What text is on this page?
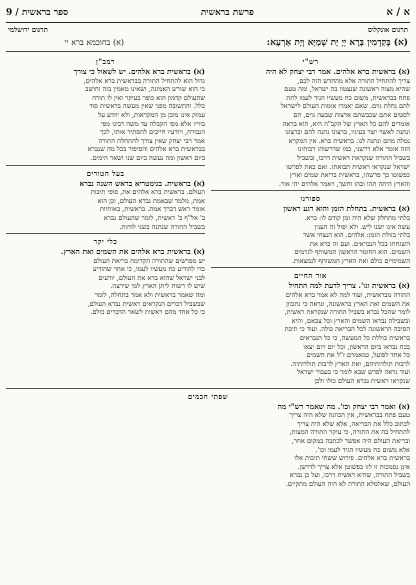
א / א
פרשת בראשית
ספר בראשית / 9
תרגום אונקלוס
תרגום ירושלמי
(א) בְּקַדְמִין בְּרָא יְיָ יָת שְׁמַיָּא וְיָת אַרְעָא:
(א) בחוכמא ברא יי
רש"י
(א) בראשית ברא אלהים. אמר רבי יצחק לא היה
צריך להתחיל התורה אלא מהחדש הזה לכם,
שהיא מצוה ראשונה שנצטוו בה ישראל, ומה טעם
פתח בבראשית, משום כח מעשיו הגיד לעמו לתת
להם נחלת גוים. שאם יאמרו אומות העולם לישראל
לסטים אתם שכבשתם ארצות שבעה גוים, הם
אומרים להם כל הארץ של הקב"ה היא, הוא בראה
ונתנה לאשר ישר בעיניו, ברצונו נתנה להם וברצונו
נטלה מהם ונתנה לנו. בראשית ברא. אין המקרא
הזה אומר אלא דרשני, כמו שדרשוהו רבותינו
בשביל התורה שנקראת ראשית דרכו, ובשביל
ישראל שנקראו ראשית תבואתו. ואם באת לפרשו
כפשוטו כך פרשהו, בראשית בריאת שמים וארץ
והארץ היתה תהו ובהו וחשך, ויאמר אלהים יהי אור.
ספורנו
(א) בראשית. בתחלת הזמן והוא רגע ראשון
בלתי מתחלק שלא היה זמן קודם לו: ברא.
עשה אינו ישנו ליש. ולא יפול זה הענין
בלתי בזולת הזמן: אלהים. הוא הנצחי אשר
השגחתו בכל הנבראים. ועם זה ברא את
השמים. הוא החומר הראשון המשותף לגרמים
השמימיים כולם ואת הארץ המשותף לנמצאות.
אור החיים
(א) בראשית וגו'. צריך לדעת למה התחיל
התורה מבראשית, ועוד למה לא אמר ברא אלהים
את השמים ואת הארץ בראשונה, ונראה כי נתכוון
לומר שהכל נברא בשביל התורה שנקראת ראשית,
ובשבילה נבראו השמים והארץ וכל צבאם, והיא
הסיבה הראשונה לכל הבריאה כולה. ועוד כי תיבת
בראשית כוללת כל המעשה, כי כל הנבראים
בכח נבראו ביום הראשון, וכל יום ויום יצאו
כל אחד לפועל, כמאמרם ז"ל את השמים
לרבות תולדותיהם, ואת הארץ לרבות תולדותיה.
ועוד נראה לפרש שבא לומר כי בעבור ישראל
שנקראו ראשית נברא העולם כולו ולכן
רמב"ן
(א) בראשית ברא אלהים. יש לשאול כי צורך
גדול הוא להתחיל התורה בבראשית ברא אלהים,
כי הוא שורש האמונה, ושאינו מאמין בזה וחושב
שהעולם קדמון הוא כופר בעיקר ואין לו תורה
כלל. והתשובה מפני שאין מעשה בראשית סוד
עמוק אינו מובן מן המקראות, ולא יוודע על
בוריו אלא מפי הקבלה עד משה רבינו מפי
הגבורה, ויודעיו חייבים להסתיר אותו, לכך
אמר רבי יצחק שאין צורך להתחלת התורה
בבראשית ברא אלהים והסיפור בכל מה שנברא
ביום ראשון ומה נעשה ביום שני ושאר הימים.
בעל הטורים
(א) בראשית. בגימטריא בראש השנה נברא
העולם. בראשית ברא אלהים את, סופי תיבות
אמת, מלמד שבאמת נברא העולם, וכן הוא
אומר ראש דברך אמת. בראשית, באותיות
ב' אל"ף ב' ראשית, לומר שהעולם נברא
בשביל התורה שנתנה בשני לוחות.
כלי יקר
(א) בראשית ברא אלהים את השמים ואת הארץ.
יש מפרשים שהתורה הקדימה בריאת העולם
כדי להודיע כח מעשיו לעמו, כי אחר שהודיע
לבני ישראל שהוא ברא את העולם, יודעים
שיש לו רשות ליתן הארץ למי שירצה.
ומה שאמר בראשית ולא אמר בתחלה, לומר
שבשביל דברים הנקראים ראשית נברא העולם,
כי כל אחד מהם ראשית לשאר הדברים כולם.
שפתי חכמים
(א) ואמר רבי יצחק וכו'. מה שאמר רש"י מה
טעם פתח בבראשית, אין הכוונה שלא היה צריך
לכתוב כלל את הבריאה, אלא שלא היה צריך
להתחיל בה את התורה, כי עיקר התורה המצות,
ובריאת העולם היה אפשר לכתבה במקום אחר,
אלא משום כח מעשיו הגיד לעמו וכו'.
בראשית ברא אלהים. פירוש ששתי תיבות אלו
אינן נסמכות זו לזו כפשוטן אלא צריך לדרשן.
בשביל התורה, שהיא ראשית דרכו, ועל כן נברא
העולם, שאלמלא התורה לא היה העולם מתקיים.
